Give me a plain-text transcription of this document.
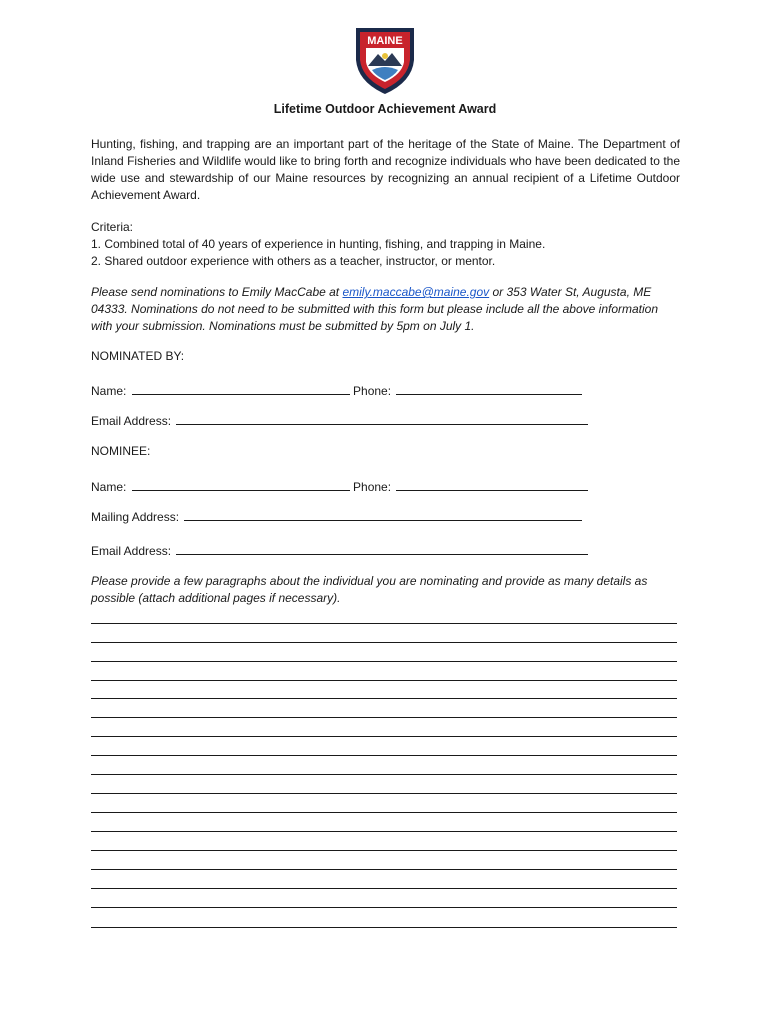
MAINE
Lifetime Outdoor Achievement Award
Hunting, fishing, and trapping are an important part of the heritage of the State of Maine. The Department of Inland Fisheries and Wildlife would like to bring forth and recognize individuals who have been dedicated to the wide use and stewardship of our Maine resources by recognizing an annual recipient of a Lifetime Outdoor Achievement Award.
Criteria:
1. Combined total of 40 years of experience in hunting, fishing, and trapping in Maine.
2. Shared outdoor experience with others as a teacher, instructor, or mentor.
Please send nominations to Emily MacCabe at emily.maccabe@maine.gov or 353 Water St, Augusta, ME 04333. Nominations do not need to be submitted with this form but please include all the above information with your submission. Nominations must be submitted by 5pm on July 1.
NOMINATED BY:
Name:	Phone:
Email Address:
NOMINEE:
Name:	Phone:
Mailing Address:
Email Address:
Please provide a few paragraphs about the individual you are nominating and provide as many details as possible (attach additional pages if necessary).
